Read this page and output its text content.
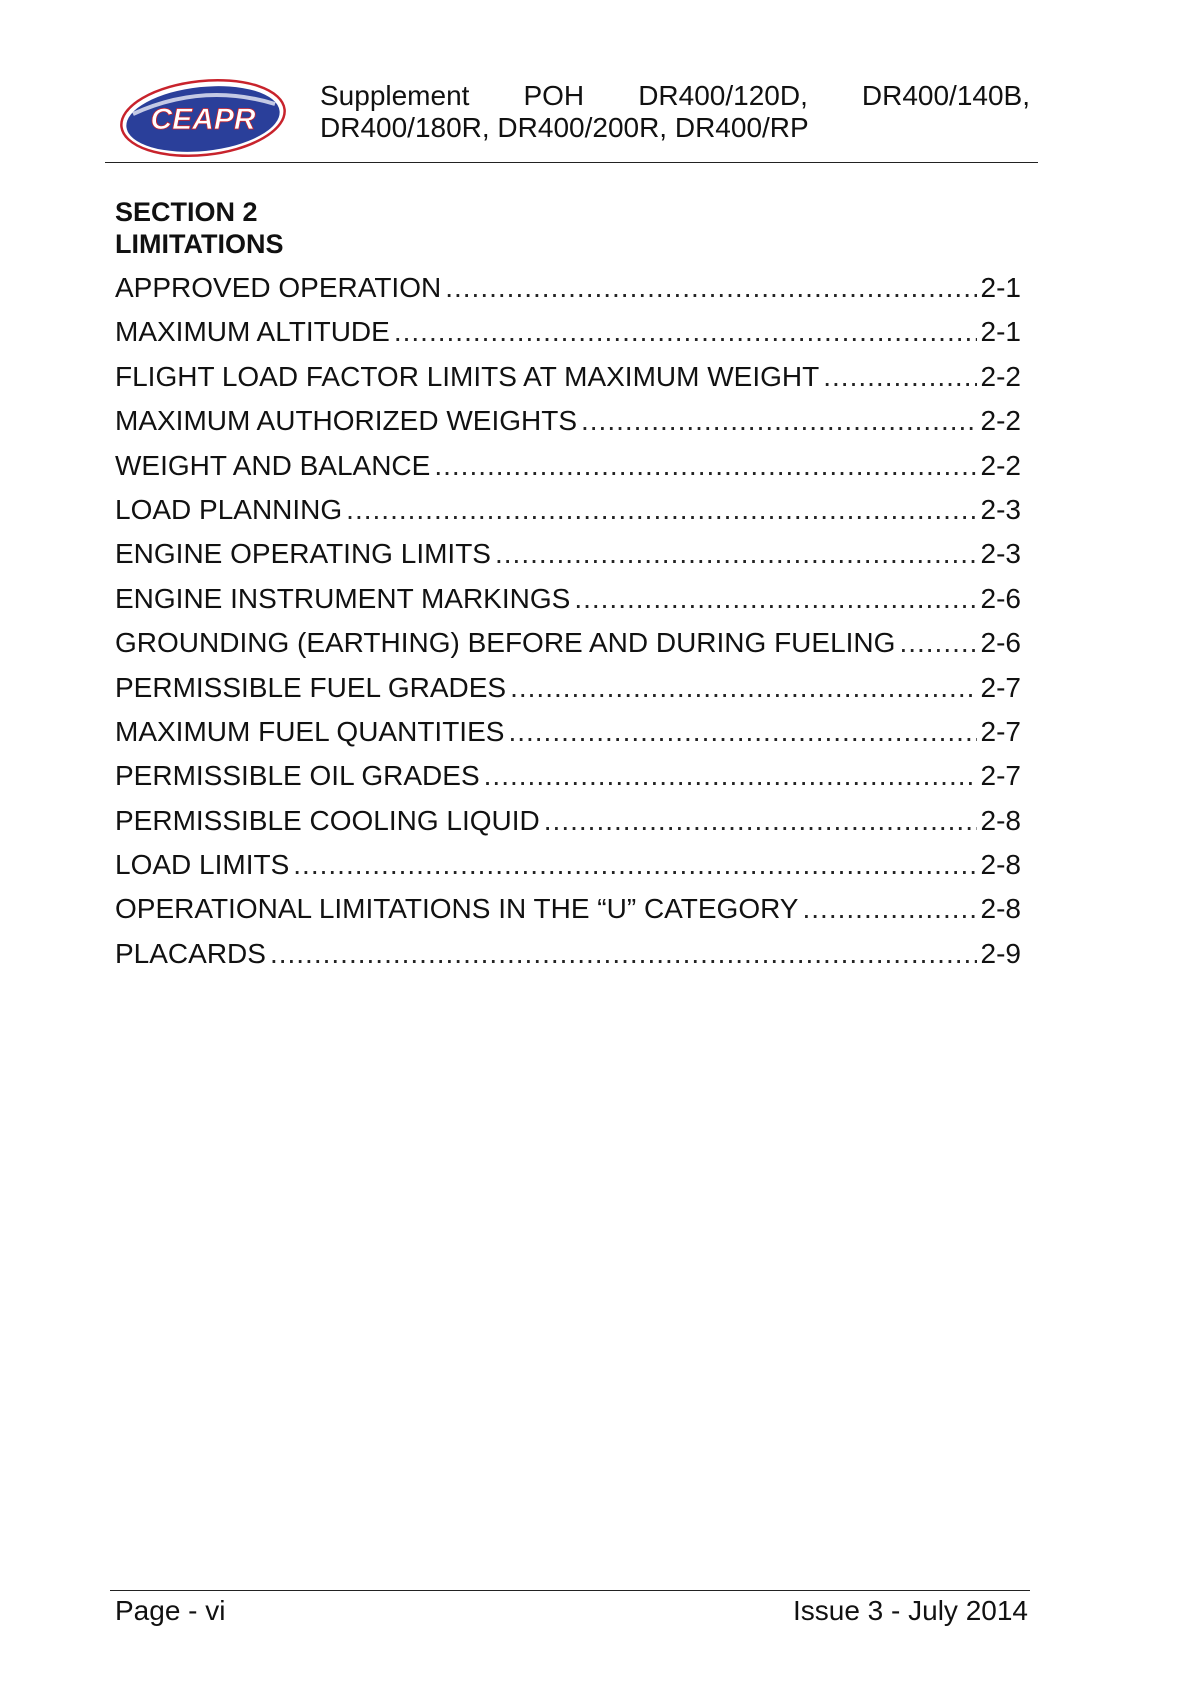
CEAPR
Supplement POH DR400/120D, DR400/140B,
DR400/180R, DR400/200R, DR400/RP
SECTION 2
LIMITATIONS
APPROVED OPERATION .....	2-1
MAXIMUM ALTITUDE .....	2-1
FLIGHT LOAD FACTOR LIMITS AT MAXIMUM WEIGHT .....	2-2
MAXIMUM AUTHORIZED WEIGHTS .....	2-2
WEIGHT AND BALANCE .....	2-2
LOAD PLANNING .....	2-3
ENGINE OPERATING LIMITS .....	2-3
ENGINE INSTRUMENT MARKINGS .....	2-6
GROUNDING (EARTHING) BEFORE AND DURING FUELING .....	2-6
PERMISSIBLE FUEL GRADES .....	2-7
MAXIMUM FUEL QUANTITIES .....	2-7
PERMISSIBLE OIL GRADES .....	2-7
PERMISSIBLE COOLING LIQUID .....	2-8
LOAD LIMITS .....	2-8
OPERATIONAL LIMITATIONS IN THE “U” CATEGORY .....	2-8
PLACARDS .....	2-9
Page - vi	Issue 3 - July 2014
